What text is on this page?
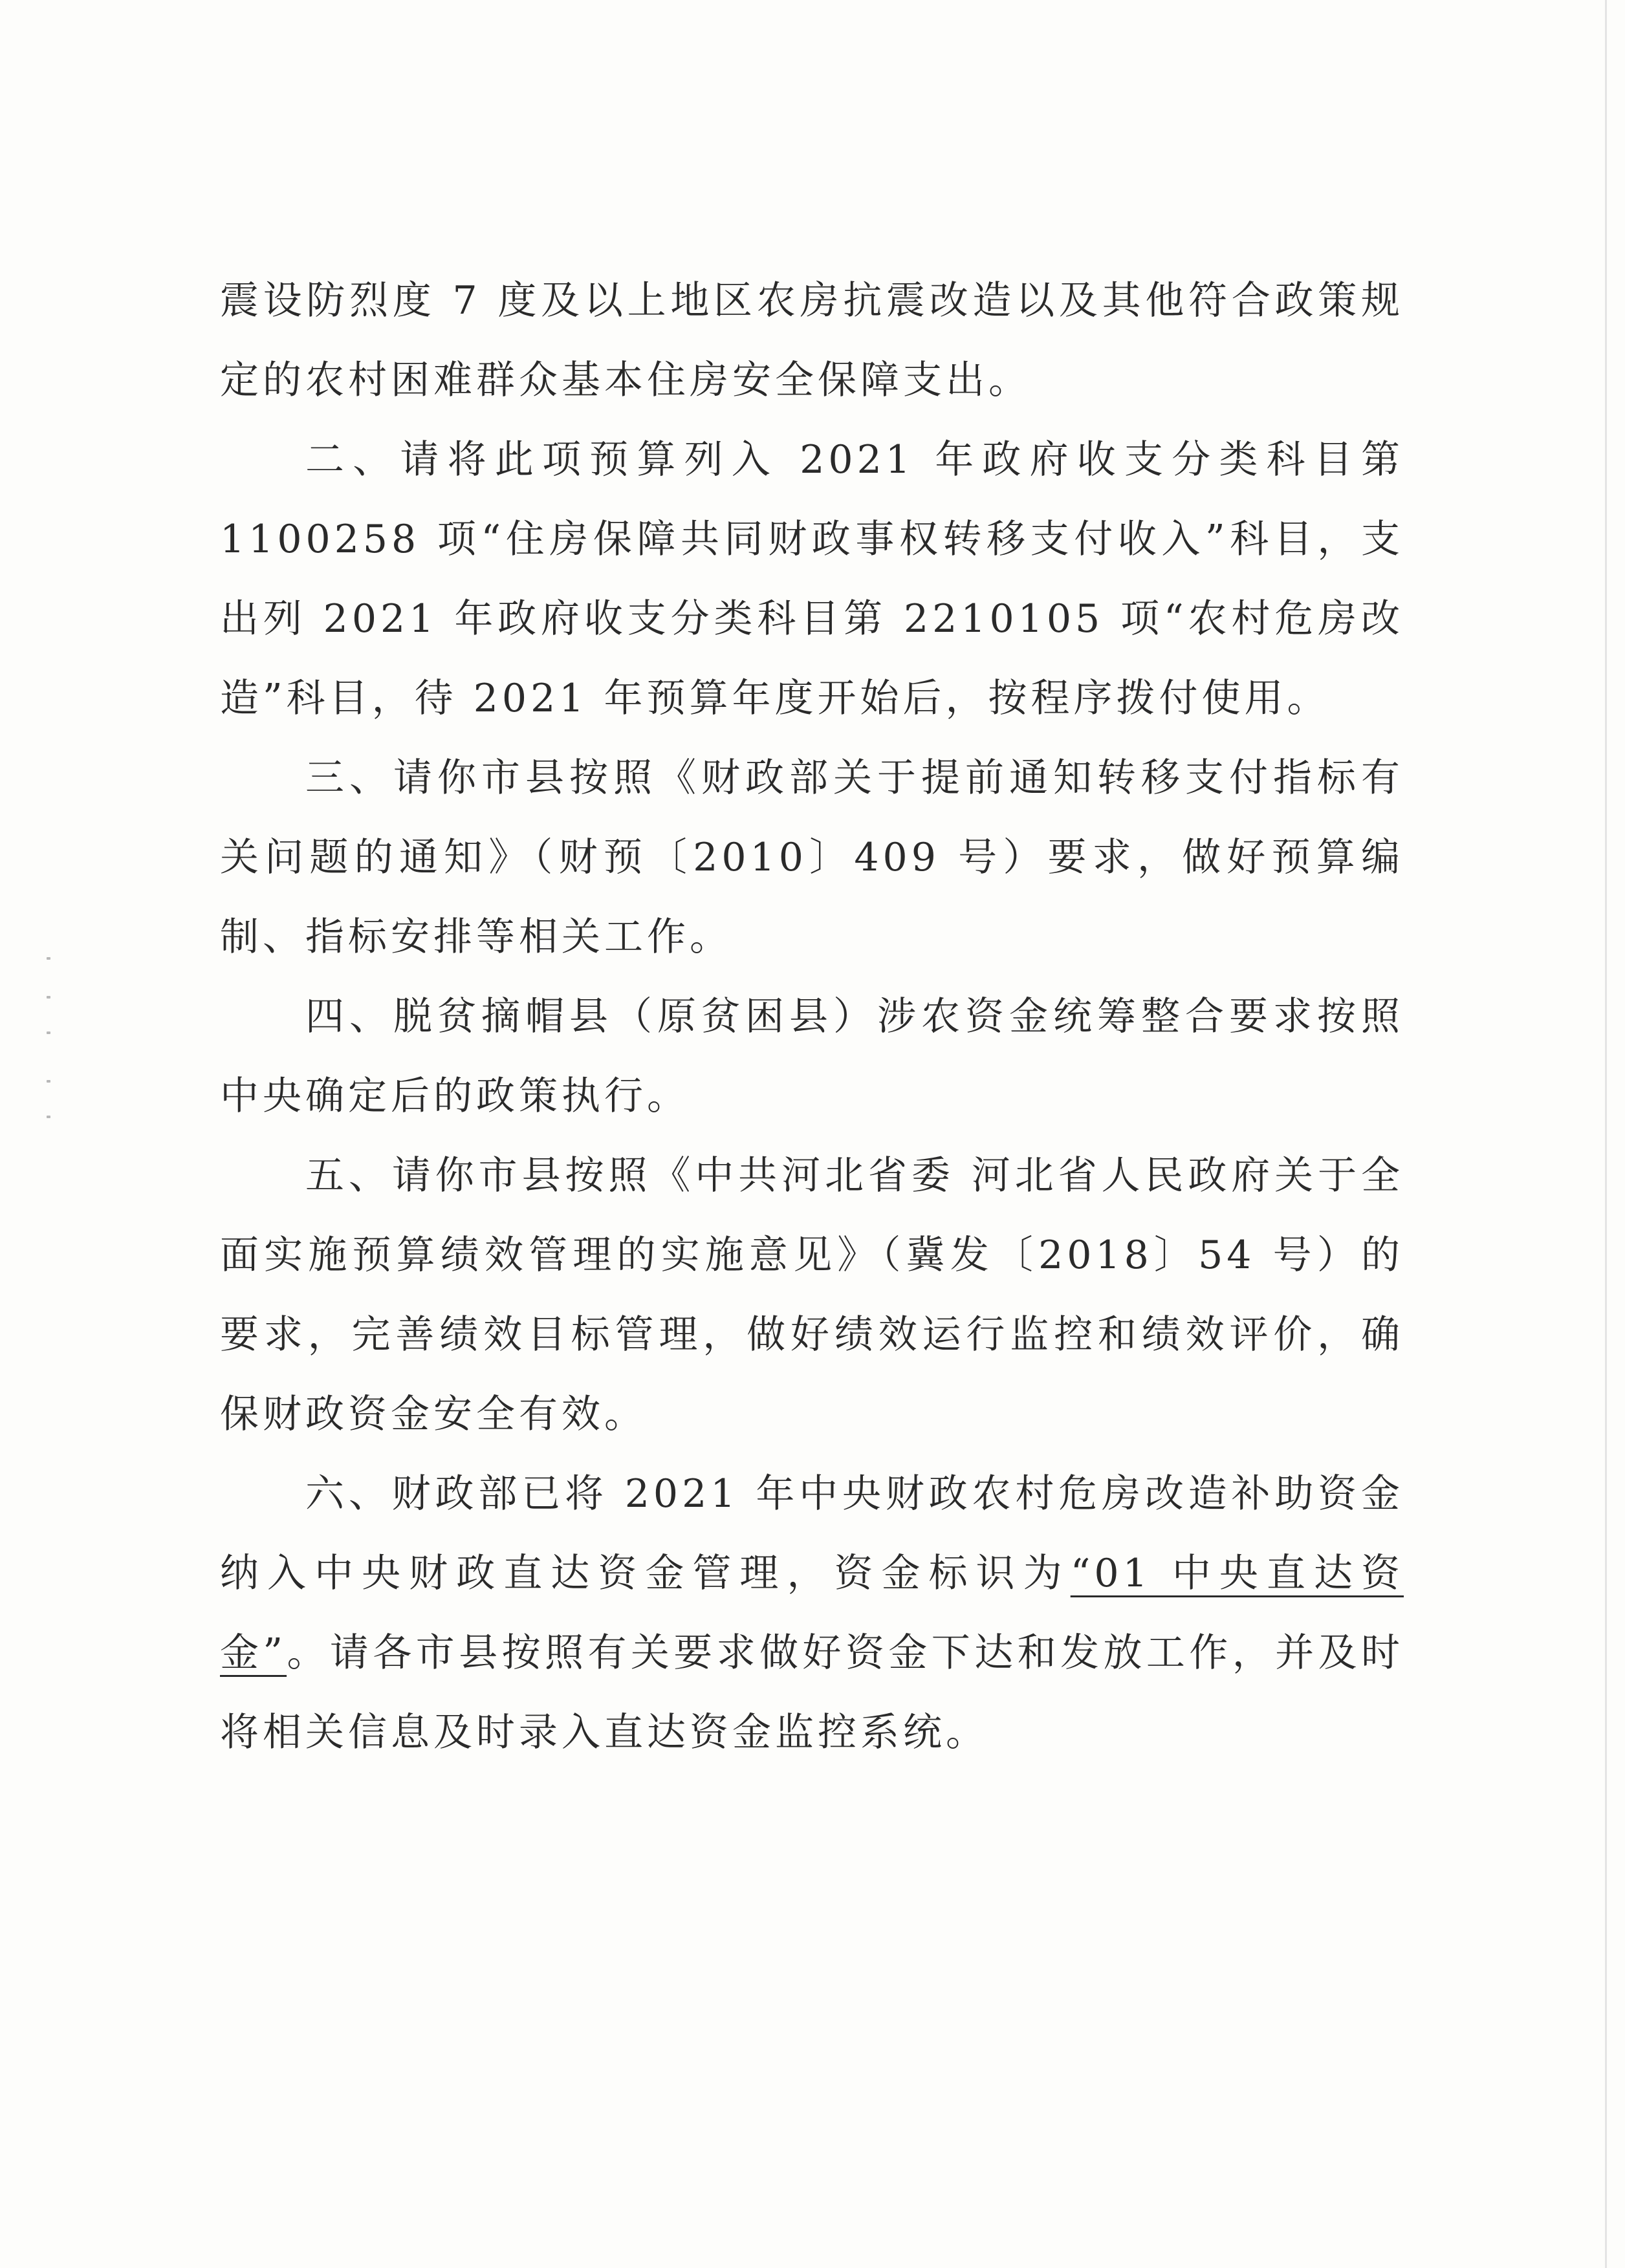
震设防烈度 7 度及以上地区农房抗震改造以及其他符合政策规定的农村困难群众基本住房安全保障支出。

二、请将此项预算列入 2021 年政府收支分类科目第 1100258 项“住房保障共同财政事权转移支付收入”科目，支出列 2021 年政府收支分类科目第 2210105 项“农村危房改造”科目，待 2021 年预算年度开始后，按程序拨付使用。

三、请你市县按照《财政部关于提前通知转移支付指标有关问题的通知》（财预〔2010〕409 号）要求，做好预算编制、指标安排等相关工作。

四、脱贫摘帽县（原贫困县）涉农资金统筹整合要求按照中央确定后的政策执行。

五、请你市县按照《中共河北省委 河北省人民政府关于全面实施预算绩效管理的实施意见》（冀发〔2018〕54 号）的要求，完善绩效目标管理，做好绩效运行监控和绩效评价，确保财政资金安全有效。

六、财政部已将 2021 年中央财政农村危房改造补助资金纳入中央财政直达资金管理，资金标识为“01 中央直达资金”。请各市县按照有关要求做好资金下达和发放工作，并及时将相关信息及时录入直达资金监控系统。
